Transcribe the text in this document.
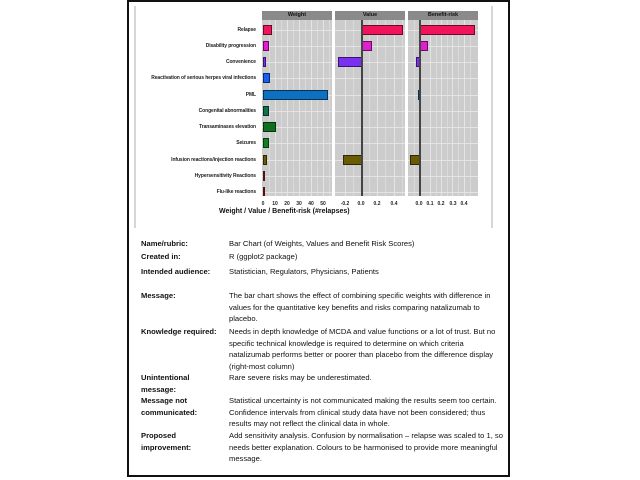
Relapse
Disability progression
Convenience
Reactivation of serious herpes viral infections
PML
Congenital abnormalities
Transaminases elevation
Seizures
Infusion reactions/injection reactions
Hypersensitivity Reactions
Flu-like reactions
Weight	Value	Benefit-risk
0 10 20 30 40 50	-0.2 0.0 0.2 0.4	0.0 0.1 0.2 0.3 0.4
Weight / Value / Benefit-risk (#relapses)
Name/rubric:	Bar Chart (of Weights, Values and Benefit Risk Scores)
Created in:	R (ggplot2 package)
Intended audience:	Statistician, Regulators, Physicians, Patients
Message:	The bar chart shows the effect of combining specific weights with difference in values for the quantitative key benefits and risks comparing natalizumab to placebo.
Knowledge required:	Needs in depth knowledge of MCDA and value functions or a lot of trust. But no specific technical knowledge is required to determine on which criteria natalizumab performs better or poorer than placebo from the difference display (right-most column)
Unintentional message:
Rare severe risks may be underestimated.
Message not communicated:
Statistical uncertainty is not communicated making the results seem too certain. Confidence intervals from clinical study data have not been considered; thus results may not reflect the clinical data in whole.
Proposed improvement:
Add sensitivity analysis. Confusion by normalisation – relapse was scaled to 1, so needs better explanation. Colours to be harmonised to provide more meaningful message.
